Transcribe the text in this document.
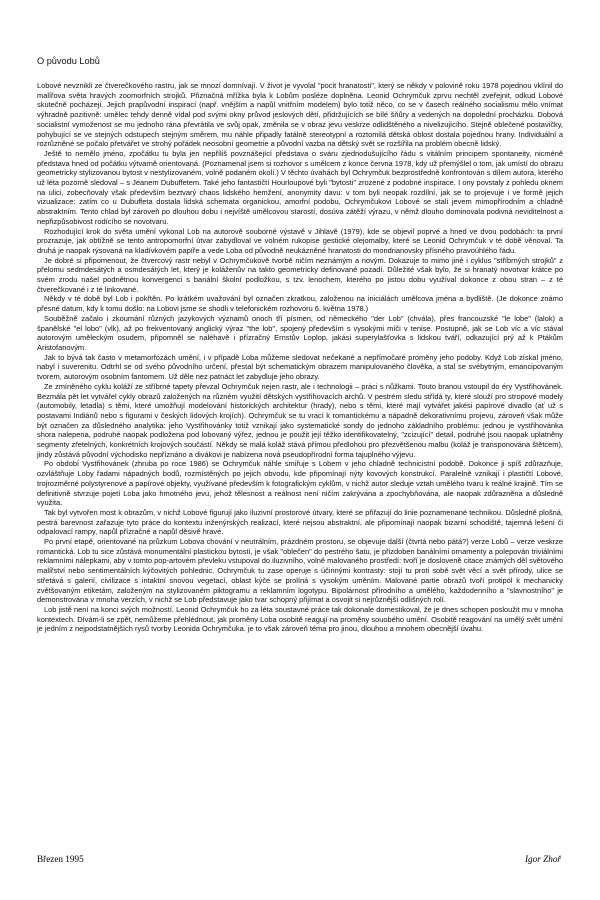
O původu Lobů

Lobové nevznikli ze čtverečkového rastru, jak se mnozí domnívají. V život je vyvolal "pocit hranatosti", který se někdy v polovině roku 1978 pojednou vklínil do malířova světa hravých zoomorfních strojků. Přiznačná mřížka byla k Lobům posléze doplněna. Leonid Ochrymčuk zprvu nechtěl zveřejnit, odkud Lobové skutečně pocházejí. Jejich prapůvodní inspirací (např. vnějším a napůl vnitřním modelem) bylo totiž něco, co se v časech reálného socialismu mělo vnímat výhradně pozitivně: umělec tehdy denně vídal pod svými okny průvod jeslových dětí, přidržujících se bílé šňůry a vedených na dopolední procházku. Dobová socialistní vymoženost se mu jednoho rána převrátila ve svůj opak, změnila se v obraz jevu veskrze odlidštěného a nivelizujícího. Stejně oblečené postavičky, pohybující se ve stejných odstupech stejným směrem, mu náhle připadly fatálně stereotypní a roztomilá dětská oblost dostala pojednou hrany. Individuální a rozrůzněné se počalo přetvářet ve strohý pořádek neosobní geometrie a původní vazba na dětský svět se rozšířila na problém obecně lidský.

Ještě to nemělo jméno, zpočátku tu byla jen nepříliš povznášející představa o sváru zjednodušujícího řádu s vitálním principem spontaneity, nicméně představa hned od počátku výtvarně orientovaná. (Poznamenal jsem si rozhovor s umělcem z konce června 1978, kdy už přemýšlel o tom, jak umístí do obrazu geometricky stylizovanou bytost v nestylizovaném, volně podaném okolí.) V těchto úvahách byl Ochrymčuk bezprostředně konfrontován s dílem autora, kterého už léta pozorně sledoval – s Jeanem Dubuffetem. Také jeho fantastičtí Hourloupové byli "bytosti" zrozené z podobné inspirace. I ony povstaly z pohledu oknem na ulici, zobecňovaly však především beztvarý chaos lidského hemžení, anonymity davu: v tom byli neopak rozdílní, jak se to projevuje i ve formě jejich vizualizace: zatím co u Dubuffeta dostala lidská schemata organickou, amorfní podobu, Ochrymčukovi Lobové se stali jevem mimopřírodním a chladně abstraktním. Tento chlad byl zároveň po dlouhou dobu i nejvíště umělcovou starostí, dosúva zátěží výrazu, v němž dlouho dominovala podivná neviditelnost a nepřizpůsobivost rodícího se novotvaru.

Rozhodující krok do světa umění vykonal Lob na autorově souborné výstavě v Jihlavě (1979), kde se objevil poprvé a hned ve dvou podobách: ta první prozrazuje, jak obtížně se tento antropomorfní útvar zabydloval ve volném rukopise gestické olejomalby, které se Leonid Ochrymčuk v té době věnoval. Ta druhá je naopak rýsovaná na kladívkovém papíře a vede Loba od původně neukázněné hranatosti do mondrianovsky přísného pravoúhlého řádu.

Je dobré si připomenout, že čtvercový rastr nebyl v Ochrymčukově tvorbě ničím neznámým a novým. Dokazuje to mimo jiné i cyklus "stříbrných strojků" z přelomu sedmdesátých a osmdesátých let, který je koláženův na takto geometricky definované pozadí. Důležité však bylo, že si hranatý novotvar krátce po svém zrodu našel podnětnou konvergenci s banální školní podložkou, s tzv. lenochem, kterého po jistou dobu využíval dokonce z obou stran – z té čtverečkované i z té linkované.

Někdy v té době byl Lob i pokřtěn. Po krátkém uvažování byl označen zkratkou, založenou na iniciálách umělcova jména a bydliště. (Je dokonce známo přesné datum, kdy k tomu došlo: na Lobovi jsme se shodli v telefonickém rozhovoru 6. května 1978.)

Souběžně začalo i zkoumání různých jazykových významů onoch tří písmen, od německého "der Lob" (chvála), přes francouzské "le lobe" (lalok) a španělské "el lobo" (vlk), až po frekventovaný anglický výraz "the lob", spojený především s vysokými míči v tenise. Postupně, jak se Lob víc a víc stával autorovým uměleckým osudem, připomněl se naléhavě i přízračný Ernstův Loplop, jakási superylašťovka s lidskou tváří, odkazující prý až k Ptákům Aristofanovým.

Jak to bývá tak často v metamorfózách umění, i v případě Loba můžeme sledovat nečekané a nepřímočaré proměny jeho podoby. Když Lob získal jméno, nabyl i suverenitu. Odtrhl se od svého původního určení, přestal být schematickým obrazem manipulovaného člověka, a stal se svébytným, emancipovaným tvorem, autorovým osobním fantomem. Už děle nez patnáct let zabydluje jeho obrazy.

Ze zmíněného cyklu koláží ze stříbrné tapety převzal Ochrymčuk nejen rastr, ale i technologii – práci s nůžkami. Touto branou vstoupil do éry Vystřihovánek. Bezmála pět let vytvářel cykly obrazů založených na různém využití dětských vystřihovacích archů. V pestrém sledu střídá ty, které slouží pro stropové modely (automobily, letadla) s těmi, které umožňují modelování historických architektur (hrady), nebo s těmi, které mají vytvářet jakési papírové divadlo (ať už s postavami Indiánů nebo s figurami v českých lidových krojích). Ochrymčuk se tu vrací k romantickému a nápadně dekorativnímu projevu, zároveň však může být označen za důsledného analytika: jeho Vystřihovánky totiž vznikají jako systematické sondy do jednoho základního problému: jednou je vystřihovánka shora nalepena, podruhé naopak podložena pod lobovaný výřez, jednou je použit její těžko identifikovatelný, "zcizující" detail, podruhé jsou naopak uplatněny segmenty zřetelných, konkrétních krojových součástí. Někdy se malá koláž stává přímou předlohou pro přezvětšenou malbu (koláž je transponována štětcem), jindy zůstává původní východisko nepříznáno a divákovi je nabízena nová pseudopřírodní forma tajuplného výjevu.

Po období Vystřihovánek (zhruba po roce 1986) se Ochrymčuk náhle smiřuje s Lobem v jeho chladně technicistní podobě. Dokonce ji spíš zdůrazňuje, ozvláštňuje Loby řadami nápadných bodů, rozmístěných po jejich obvodu, kde připomínají nýty kovových konstrukcí. Paralelně vznikají i plastičtí Lobové, trojrozměrné polystyrenové a papírové objekty, využívané především k fotografickým cyklům, v nichž autor sleduje vztah umělého tvaru k reálné krajině. Tím se definitivně stvrzuje pojetí Loba jako hmotného jevu, jehož tělesnost a reálnost není ničím zakrývána a zpochybňována, ale naopak zdůrazněna a důsledně využita.

Tak byl vytvořen most k obrazům, v nichž Lobové figurují jako iluzivní prostorové útvary, které se přiřazují do linie poznamenané technikou. Důsledně plošná, pestrá barevnost zařazuje tyto práce do kontextu inženýrských realizací, které nejsou abstraktní, ale připomínají naopak bizarní schodiště, tajemná lešení či odpalovací rampy, napůl přízračné a napůl děsivě hravé.

Po první etapě, orientované na průzkum Lobova chování v neutrálním, prázdném prostoru, se objevuje další (čtvrtá nebo pátá?) verze Lobů – verze veskrze romantická. Lob tu sice zůstává monumentální plastickou bytostí, je však "oblečen" do pestrého šatu, je přizdoben banálními ornamenty a polepován triviálními reklamními nálepkami, aby v tomto pop-artovém převleku vstupoval do iluzivního, volně malovaného prostředí: tvoří je dosloveně citace známých děl světového malířství nebo sentimentálních kýčovitých pohlednic. Ochrymčuk tu zase operuje s účinnými kontrasty: stojí tu proti sobě svět věcí a svět přírody, ulice se střetává s galerií, civilizace s intaktní snovou vegetací, oblast kýče se prolíná s vysokým uměním. Malované partie obrazů tvoří protipól k mechanicky zvětšovaným etiketám, založeným na stylizovaném piktogramu a reklamním logotypu. Bipolárnost přírodního a umělého, každodenního a "slavnostního" je demonstrována v mnoha verzích, v nichž se Lob představuje jako tvar schopný přijímat a osvojit si nejrůznější odlišných rolí.

Lob jistě není na konci svých možností. Leonid Ochrymčuk ho za léta soustavné práce tak dokonale domestikoval, že je dnes schopen posloužit mu v mnoha kontextech. Dívám-li se zpět, nemůžeme přehlédnout, jak proměny Loba osobitě reagují na proměny souobého umění. Osobitě reagování na umělý svět umění je jedním z nejpodstatnějších rysů tvorby Leonida Ochrymčuka. je to však zároveň téma pro jinou, dlouhou a mnohem obecnější úvahu.

Březen 1995	Igor Zhoř
